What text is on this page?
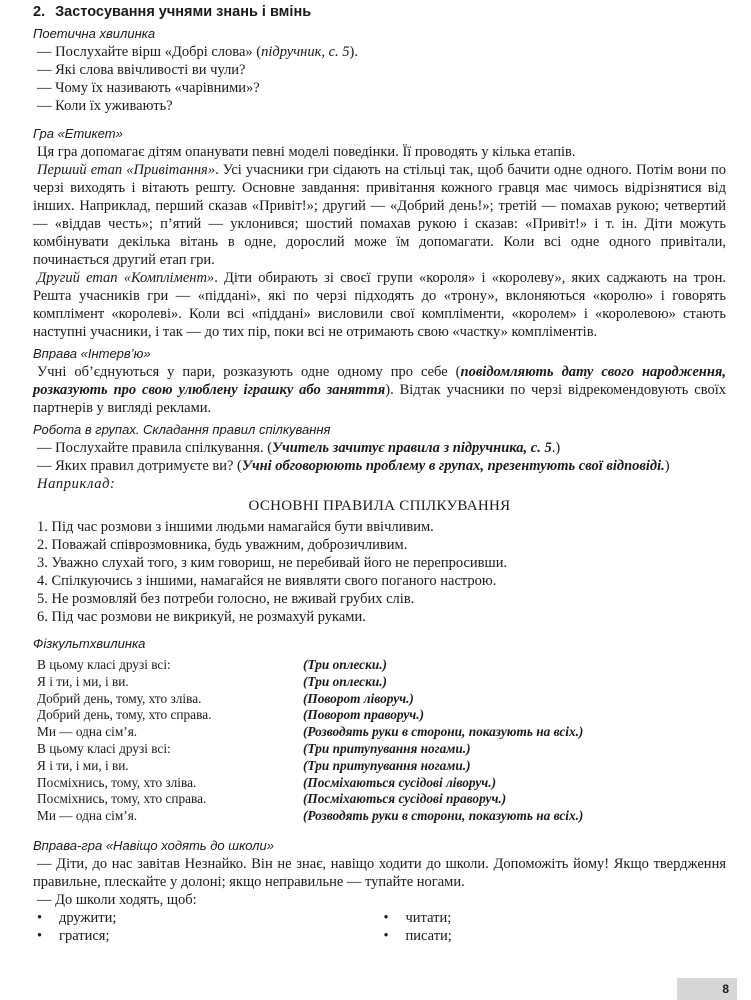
2. Застосування учнями знань і вмінь
Поетична хвилинка
— Послухайте вірш «Добрі слова» (підручник, с. 5).
— Які слова ввічливості ви чули?
— Чому їх називають «чарівними»?
— Коли їх уживають?
Гра «Етикет»

Ця гра допомагає дітям опанувати певні моделі поведінки. Її проводять у кілька етапів.

Перший етап «Привітання». Усі учасники гри сідають на стільці так, щоб бачити одне одного. Потім вони по черзі виходять і вітають решту. Основне завдання: привітання кожного гравця має чимось відрізнятися від інших. Наприклад, перший сказав «Привіт!»; другий — «Добрий день!»; третій — помахав рукою; четвертий — «віддав честь»; п’ятий — уклонився; шостий помахав рукою і сказав: «Привіт!» і т. ін. Діти можуть комбінувати декілька вітань в одне, дорослий може їм допомагати. Коли всі одне одного привітали, починається другий етап гри.

Другий етап «Комплімент». Діти обирають зі своєї групи «короля» і «королеву», яких саджають на трон. Решта учасників гри — «піддані», які по черзі підходять до «трону», вклоняються «королю» і говорять комплімент «королеві». Коли всі «піддані» висловили свої компліменти, «королем» і «королевою» стають наступні учасники, і так — до тих пір, поки всі не отримають свою «частку» компліментів.

Вправа «Інтерв’ю»

Учні об’єднуються у пари, розказують одне одному про себе (повідомляють дату свого народження, розказують про свою улюблену іграшку або заняття). Відтак учасники по черзі відрекомендовують своїх партнерів у вигляді реклами.

Робота в групах. Складання правил спілкування
— Послухайте правила спілкування. (Учитель зачитує правила з підручника, с. 5.)

— Яких правил дотримуєте ви? (Учні обговорюють проблему в групах, презентують свої відповіді.)

Наприклад:
ОСНОВНІ ПРАВИЛА СПІЛКУВАННЯ
1. Під час розмови з іншими людьми намагайся бути ввічливим.
2. Поважай співрозмовника, будь уважним, доброзичливим.
3. Уважно слухай того, з ким говориш, не перебивай його не перепросивши.
4. Спілкуючись з іншими, намагайся не виявляти свого поганого настрою.
5. Не розмовляй без потреби голосно, не вживай грубих слів.
6. Під час розмови не викрикуй, не розмахуй руками.
Фізкультхвилинка
В цьому класі друзі всі:	(Три оплески.)
Я і ти, і ми, і ви.	(Три оплески.)
Добрий день, тому, хто зліва.	(Поворот ліворуч.)
Добрий день, тому, хто справа.	(Поворот праворуч.)
Ми — одна сім’я.	(Розводять руки в сторони, показують на всіх.)
В цьому класі друзі всі:	(Три притупування ногами.)
Я і ти, і ми, і ви.	(Три притупування ногами.)
Посміхнись, тому, хто зліва.	(Посміхаються сусідові ліворуч.)
Посміхнись, тому, хто справа.	(Посміхаються сусідові праворуч.)
Ми — одна сім’я.	(Розводять руки в сторони, показують на всіх.)
Вправа-гра «Навіщо ходять до школи»

— Діти, до нас завітав Незнайко. Він не знає, навіщо ходити до школи. Допоможіть йому! Якщо твердження правильне, плескайте у долоні; якщо неправильне — тупайте ногами.

— До школи ходять, щоб:
• дружити;
• гратися;
• читати;
• писати;
8
